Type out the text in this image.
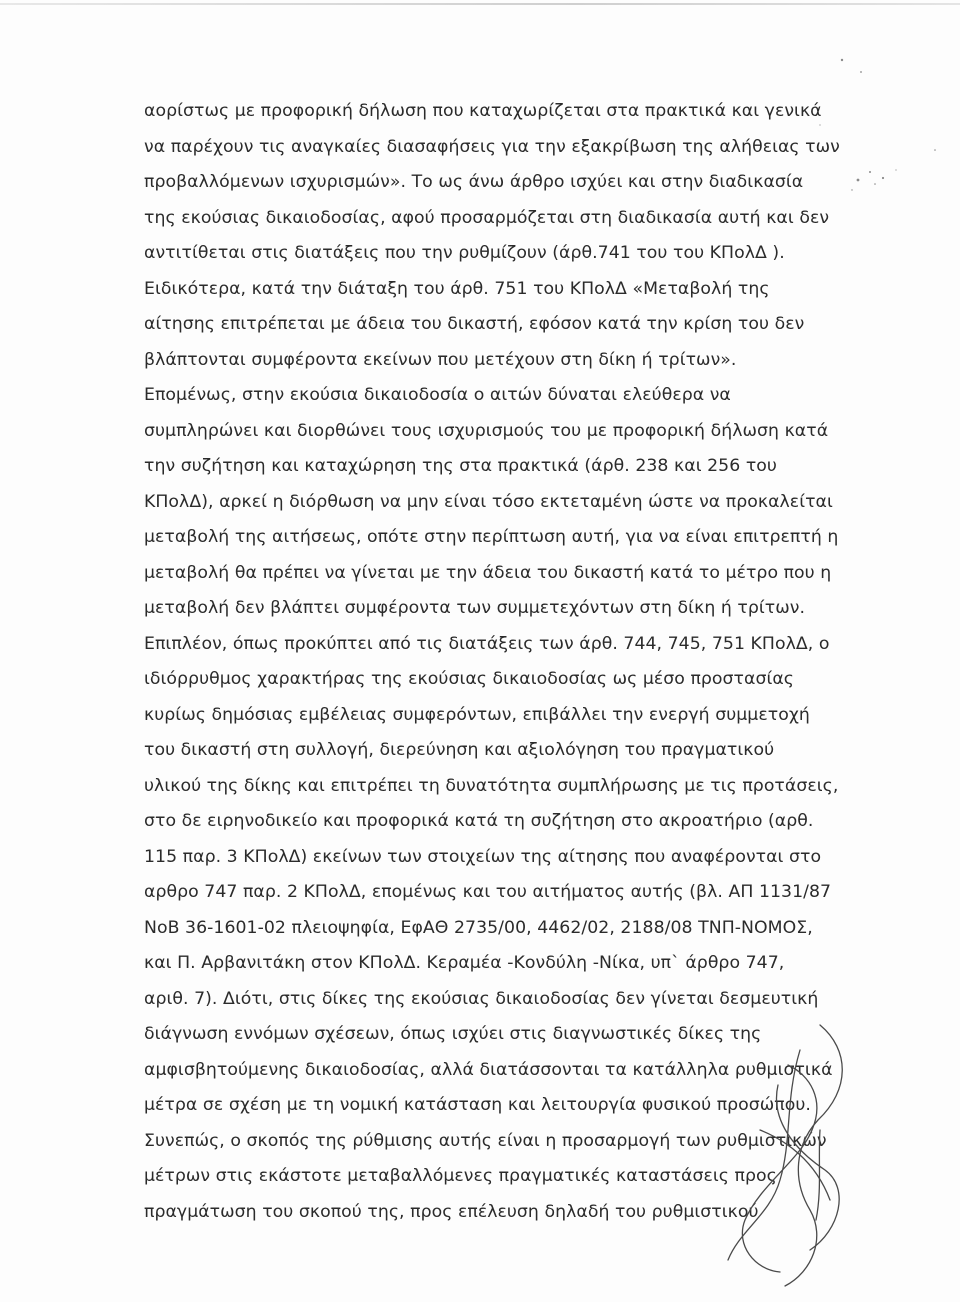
αορίστως με προφορική δήλωση που καταχωρίζεται στα πρακτικά και γενικά
να παρέχουν τις αναγκαίες διασαφήσεις για την εξακρίβωση της αλήθειας των
προβαλλόμενων ισχυρισμών». Το ως άνω άρθρο ισχύει και στην διαδικασία
της εκούσιας δικαιοδοσίας, αφού προσαρμόζεται στη διαδικασία αυτή και δεν
αντιτίθεται στις διατάξεις που την ρυθμίζουν (άρθ.741 του του ΚΠολΔ ).
Ειδικότερα, κατά την διάταξη του άρθ. 751 του ΚΠολΔ «Μεταβολή της
αίτησης επιτρέπεται με άδεια του δικαστή, εφόσον κατά την κρίση του δεν
βλάπτονται συμφέροντα εκείνων που μετέχουν στη δίκη ή τρίτων».
Επομένως, στην εκούσια δικαιοδοσία ο αιτών δύναται ελεύθερα να
συμπληρώνει και διορθώνει τους ισχυρισμούς του με προφορική δήλωση κατά
την συζήτηση και καταχώρηση της στα πρακτικά (άρθ. 238 και 256 του
ΚΠολΔ), αρκεί η διόρθωση να μην είναι τόσο εκτεταμένη ώστε να προκαλείται
μεταβολή της αιτήσεως, οπότε στην περίπτωση αυτή, για να είναι επιτρεπτή η
μεταβολή θα πρέπει να γίνεται με την άδεια του δικαστή κατά το μέτρο που η
μεταβολή δεν βλάπτει συμφέροντα των συμμετεχόντων στη δίκη ή τρίτων.
Επιπλέον, όπως προκύπτει από τις διατάξεις των άρθ. 744, 745, 751 ΚΠολΔ, ο
ιδιόρρυθμος χαρακτήρας της εκούσιας δικαιοδοσίας ως μέσο προστασίας
κυρίως δημόσιας εμβέλειας συμφερόντων, επιβάλλει την ενεργή συμμετοχή
του δικαστή στη συλλογή, διερεύνηση και αξιολόγηση του πραγματικού
υλικού της δίκης και επιτρέπει τη δυνατότητα συμπλήρωσης με τις προτάσεις,
στο δε ειρηνοδικείο και προφορικά κατά τη συζήτηση στο ακροατήριο (αρθ.
115 παρ. 3 ΚΠολΔ) εκείνων των στοιχείων της αίτησης που αναφέρονται στο
αρθρο 747 παρ. 2 ΚΠολΔ, επομένως και του αιτήματος αυτής (βλ. ΑΠ 1131/87
ΝοΒ 36-1601-02 πλειοψηφία, ΕφΑΘ 2735/00, 4462/02, 2188/08 ΤΝΠ-ΝΟΜΟΣ,
και Π. Αρβανιτάκη στον ΚΠολΔ. Κεραμέα -Κονδύλη -Νίκα, υπ` άρθρο 747,
αριθ. 7). Διότι, στις δίκες της εκούσιας δικαιοδοσίας δεν γίνεται δεσμευτική
διάγνωση εννόμων σχέσεων, όπως ισχύει στις διαγνωστικές δίκες της
αμφισβητούμενης δικαιοδοσίας, αλλά διατάσσονται τα κατάλληλα ρυθμιστικά
μέτρα σε σχέση με τη νομική κατάσταση και λειτουργία φυσικού προσώπου.
Συνεπώς, ο σκοπός της ρύθμισης αυτής είναι η προσαρμογή των ρυθμιστικών
μέτρων στις εκάστοτε μεταβαλλόμενες πραγματικές καταστάσεις προς
πραγμάτωση του σκοπού της, προς επέλευση δηλαδή του ρυθμιστικού
